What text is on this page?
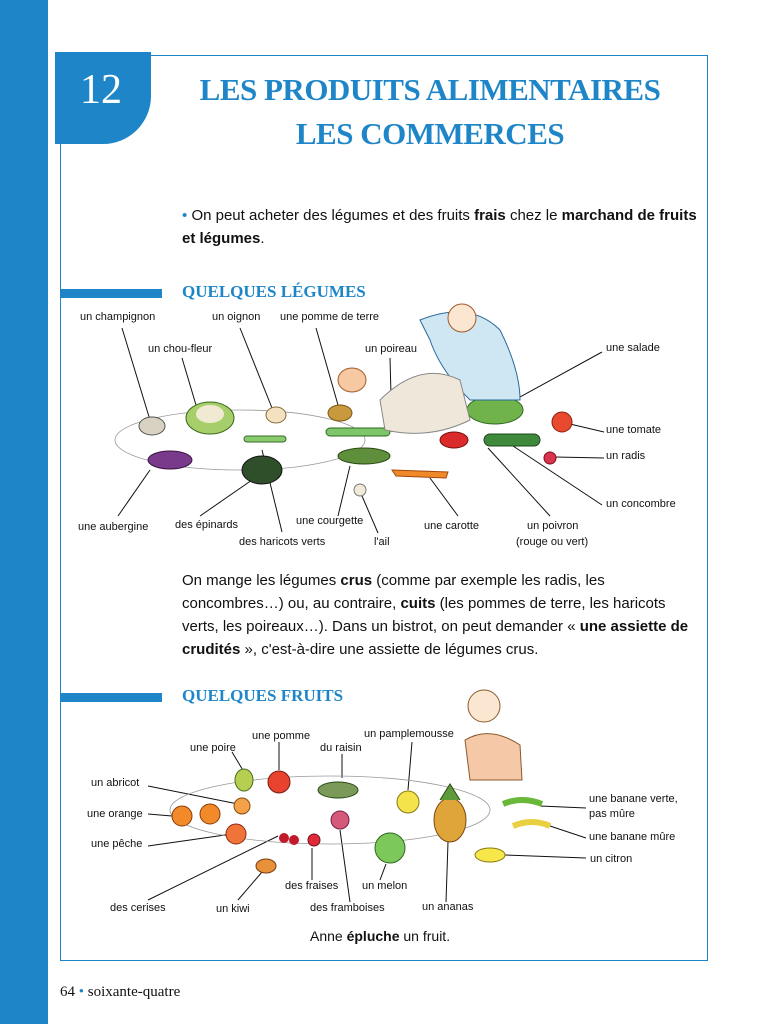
12	LES PRODUITS ALIMENTAIRES
LES COMMERCES
• On peut acheter des légumes et des fruits frais chez le marchand de fruits et légumes.
QUELQUES LÉGUMES
un champignon	un oignon une pomme de terre
un chou-fleur	un poireau	une salade
une tomate
un radis
un concombre
une aubergine des épinards	une courgette
des haricots verts	l'ail
une carotte	un poivron
(rouge ou vert)
On mange les légumes crus (comme par exemple les radis, les concombres…) ou, au contraire, cuits (les pommes de terre, les haricots verts, les poireaux…). Dans un bistrot, on peut demander « une assiette de crudités », c'est-à-dire une assiette de légumes crus.
QUELQUES FRUITS
une pomme	un pamplemousse
une poire	du raisin
un abricot
une orange
une pêche
une banane verte,
pas mûre
une banane mûre
un citron
des fraises un melon
des cerises	un kiwi	des framboises	un ananas
Anne épluche un fruit.
64 • soixante-quatre
